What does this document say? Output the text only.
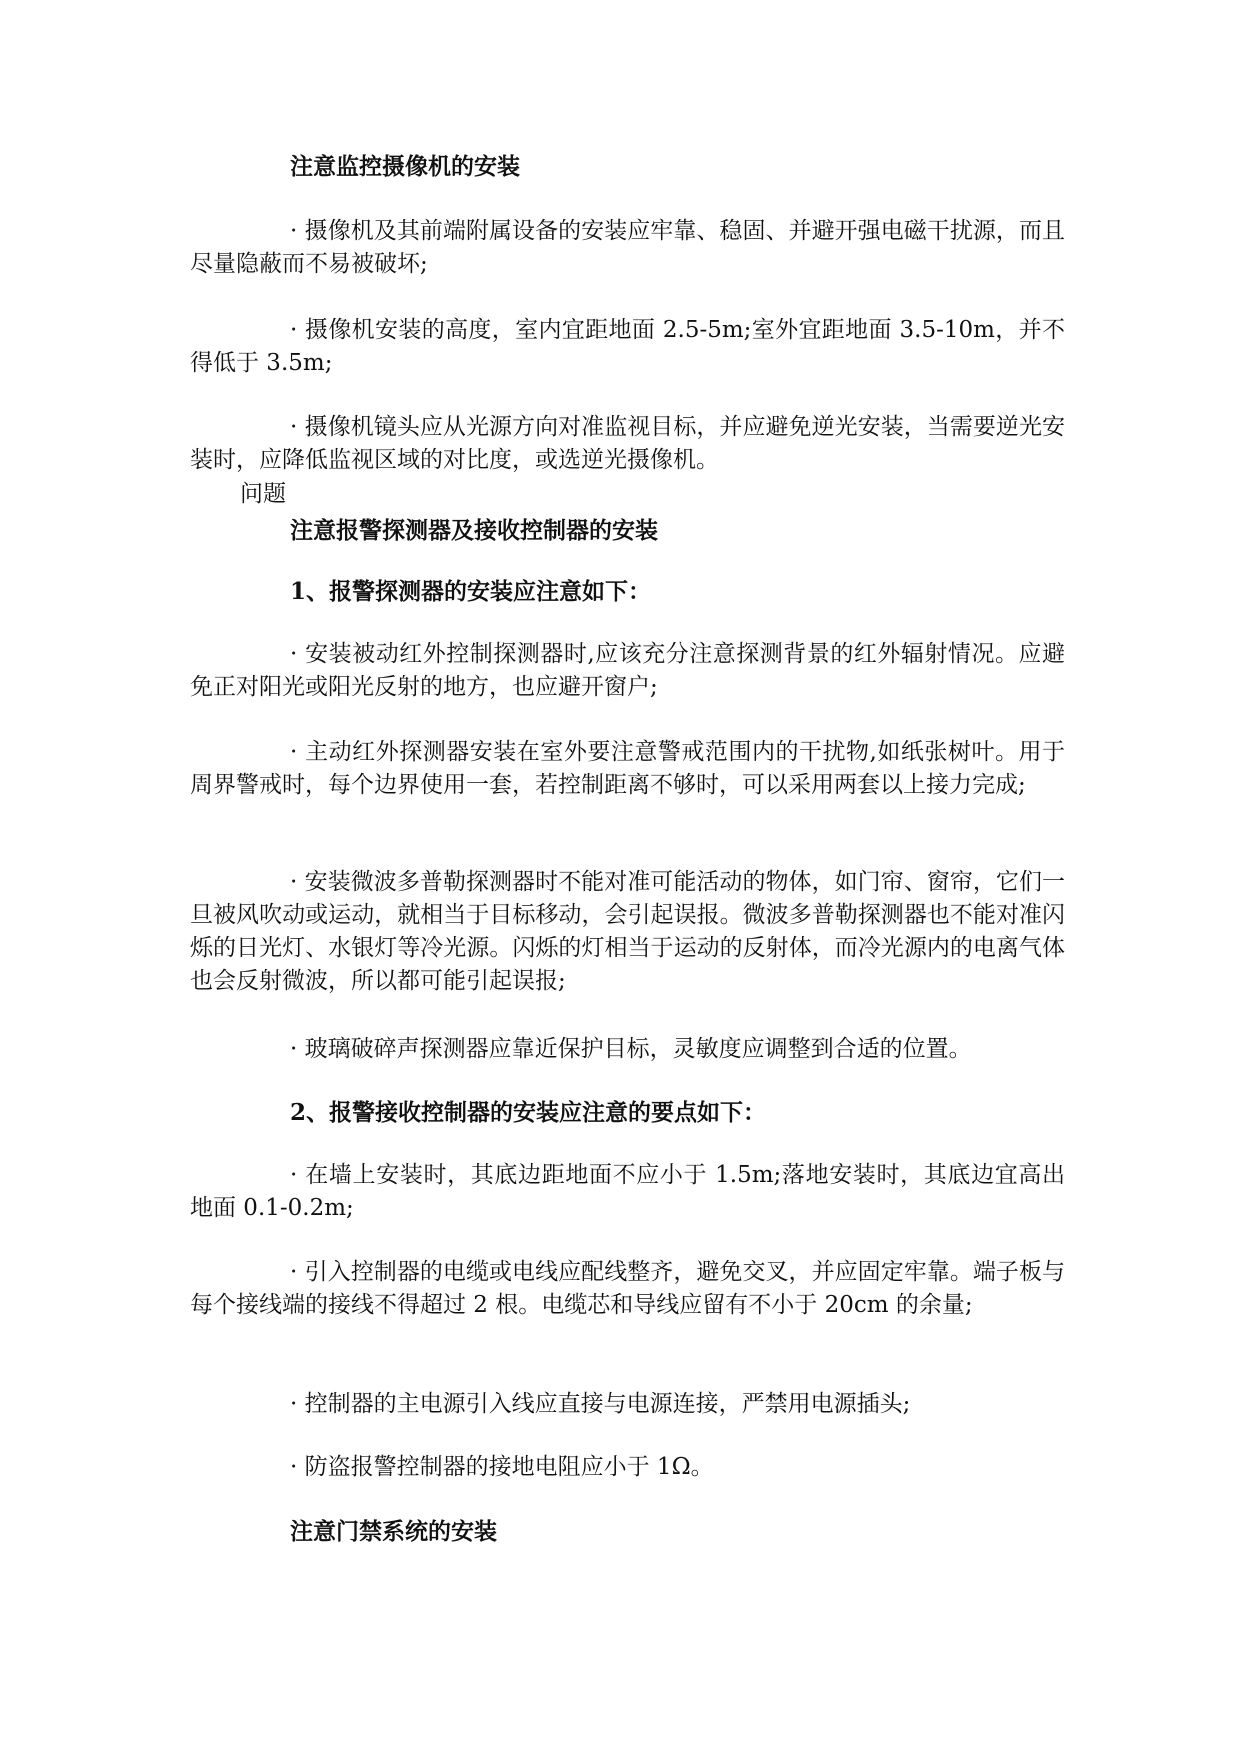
注意监控摄像机的安装

· 摄像机及其前端附属设备的安装应牢靠、稳固、并避开强电磁干扰源，而且尽量隐蔽而不易被破坏;

· 摄像机安装的高度，室内宜距地面 2.5-5m;室外宜距地面 3.5-10m，并不得低于 3.5m;

· 摄像机镜头应从光源方向对准监视目标，并应避免逆光安装，当需要逆光安装时，应降低监视区域的对比度，或选逆光摄像机。

问题
注意报警探测器及接收控制器的安装
1、报警探测器的安装应注意如下：

· 安装被动红外控制探测器时,应该充分注意探测背景的红外辐射情况。应避免正对阳光或阳光反射的地方，也应避开窗户;

· 主动红外探测器安装在室外要注意警戒范围内的干扰物,如纸张树叶。用于周界警戒时，每个边界使用一套，若控制距离不够时，可以采用两套以上接力完成;

· 安装微波多普勒探测器时不能对准可能活动的物体，如门帘、窗帘，它们一旦被风吹动或运动，就相当于目标移动，会引起误报。微波多普勒探测器也不能对准闪烁的日光灯、水银灯等冷光源。闪烁的灯相当于运动的反射体，而冷光源内的电离气体也会反射微波，所以都可能引起误报;

· 玻璃破碎声探测器应靠近保护目标，灵敏度应调整到合适的位置。

2、报警接收控制器的安装应注意的要点如下：

· 在墙上安装时，其底边距地面不应小于 1.5m;落地安装时，其底边宜高出地面 0.1-0.2m;

· 引入控制器的电缆或电线应配线整齐，避免交叉，并应固定牢靠。端子板与每个接线端的接线不得超过 2 根。电缆芯和导线应留有不小于 20cm 的余量;

· 控制器的主电源引入线应直接与电源连接，严禁用电源插头;

· 防盗报警控制器的接地电阻应小于 1Ω。

注意门禁系统的安装
